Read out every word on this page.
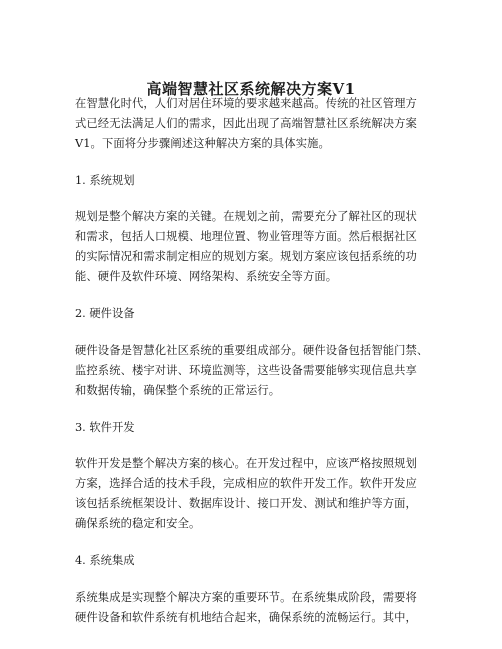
高端智慧社区系统解决方案V1
在智慧化时代，人们对居住环境的要求越来越高。传统的社区管理方
式已经无法满足人们的需求，因此出现了高端智慧社区系统解决方案
V1。下面将分步骤阐述这种解决方案的具体实施。
1. 系统规划
规划是整个解决方案的关键。在规划之前，需要充分了解社区的现状
和需求，包括人口规模、地理位置、物业管理等方面。然后根据社区
的实际情况和需求制定相应的规划方案。规划方案应该包括系统的功
能、硬件及软件环境、网络架构、系统安全等方面。
2. 硬件设备
硬件设备是智慧化社区系统的重要组成部分。硬件设备包括智能门禁、
监控系统、楼宇对讲、环境监测等，这些设备需要能够实现信息共享
和数据传输，确保整个系统的正常运行。
3. 软件开发
软件开发是整个解决方案的核心。在开发过程中，应该严格按照规划
方案，选择合适的技术手段，完成相应的软件开发工作。软件开发应
该包括系统框架设计、数据库设计、接口开发、测试和维护等方面，
确保系统的稳定和安全。
4. 系统集成
系统集成是实现整个解决方案的重要环节。在系统集成阶段，需要将
硬件设备和软件系统有机地结合起来，确保系统的流畅运行。其中，
